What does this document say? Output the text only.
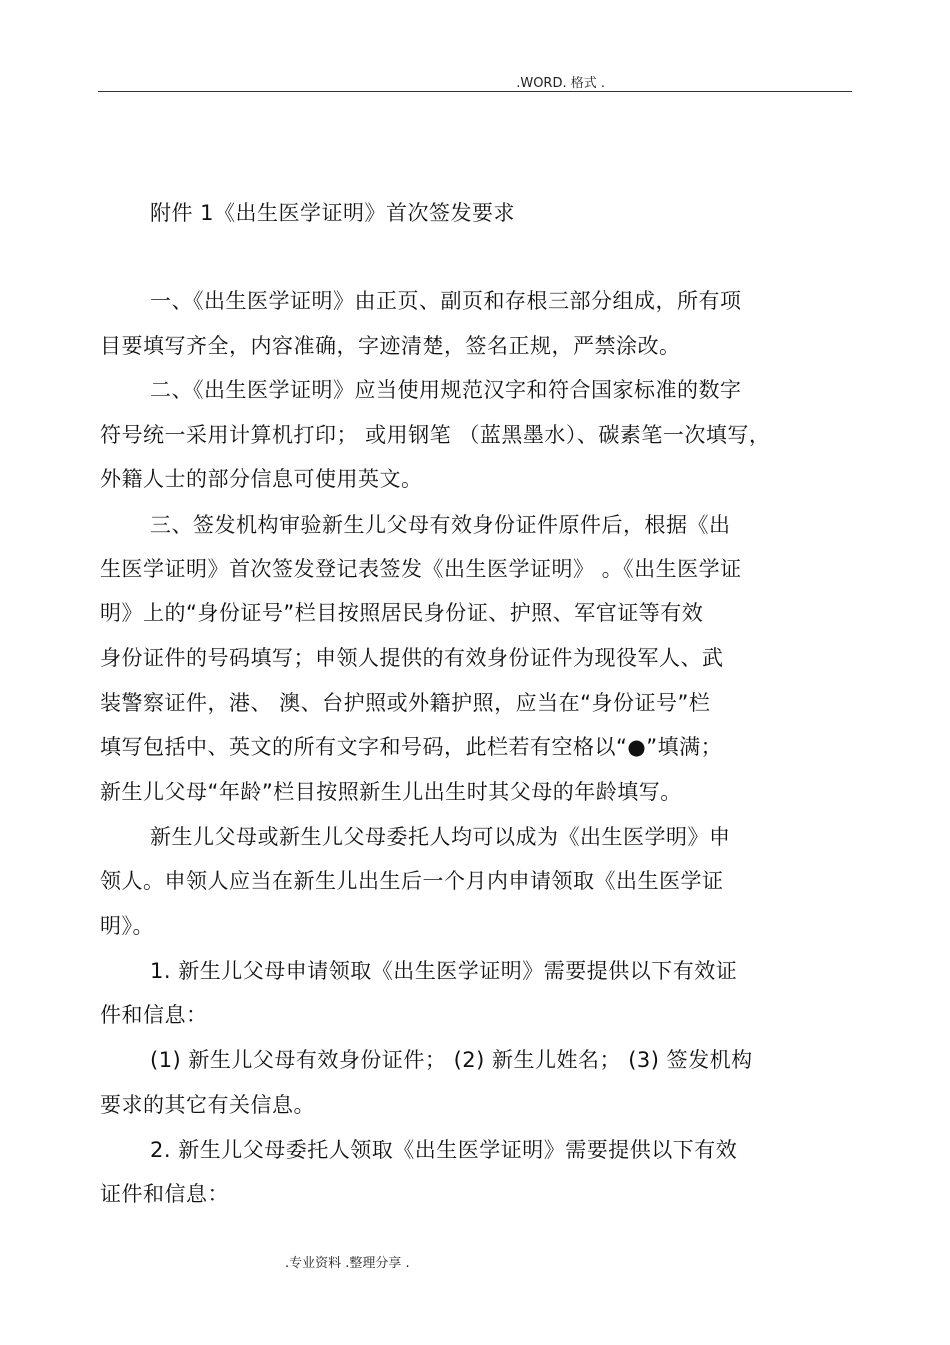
.WORD. 格式 .
附件 1《出生医学证明》首次签发要求
一、《出生医学证明》由正页、副页和存根三部分组成，所有项
目要填写齐全，内容准确，字迹清楚，签名正规，严禁涂改。
二、《出生医学证明》应当使用规范汉字和符合国家标准的数字
符号统一采用计算机打印； 或用钢笔 （蓝黑墨水）、碳素笔一次填写，
外籍人士的部分信息可使用英文。
三、签发机构审验新生儿父母有效身份证件原件后，根据《出
生医学证明》首次签发登记表签发《出生医学证明》 。《出生医学证
明》上的“身份证号”栏目按照居民身份证、护照、军官证等有效
身份证件的号码填写；申领人提供的有效身份证件为现役军人、武
装警察证件，港、 澳、台护照或外籍护照，应当在“身份证号”栏
填写包括中、英文的所有文字和号码，此栏若有空格以“●”填满；
新生儿父母“年龄”栏目按照新生儿出生时其父母的年龄填写。
新生儿父母或新生儿父母委托人均可以成为《出生医学明》申
领人。申领人应当在新生儿出生后一个月内申请领取《出生医学证
明》。
1. 新生儿父母申请领取《出生医学证明》需要提供以下有效证
件和信息：
(1) 新生儿父母有效身份证件； (2) 新生儿姓名； (3) 签发机构
要求的其它有关信息。
2. 新生儿父母委托人领取《出生医学证明》需要提供以下有效
证件和信息：
.专业资料 .整理分享 .
